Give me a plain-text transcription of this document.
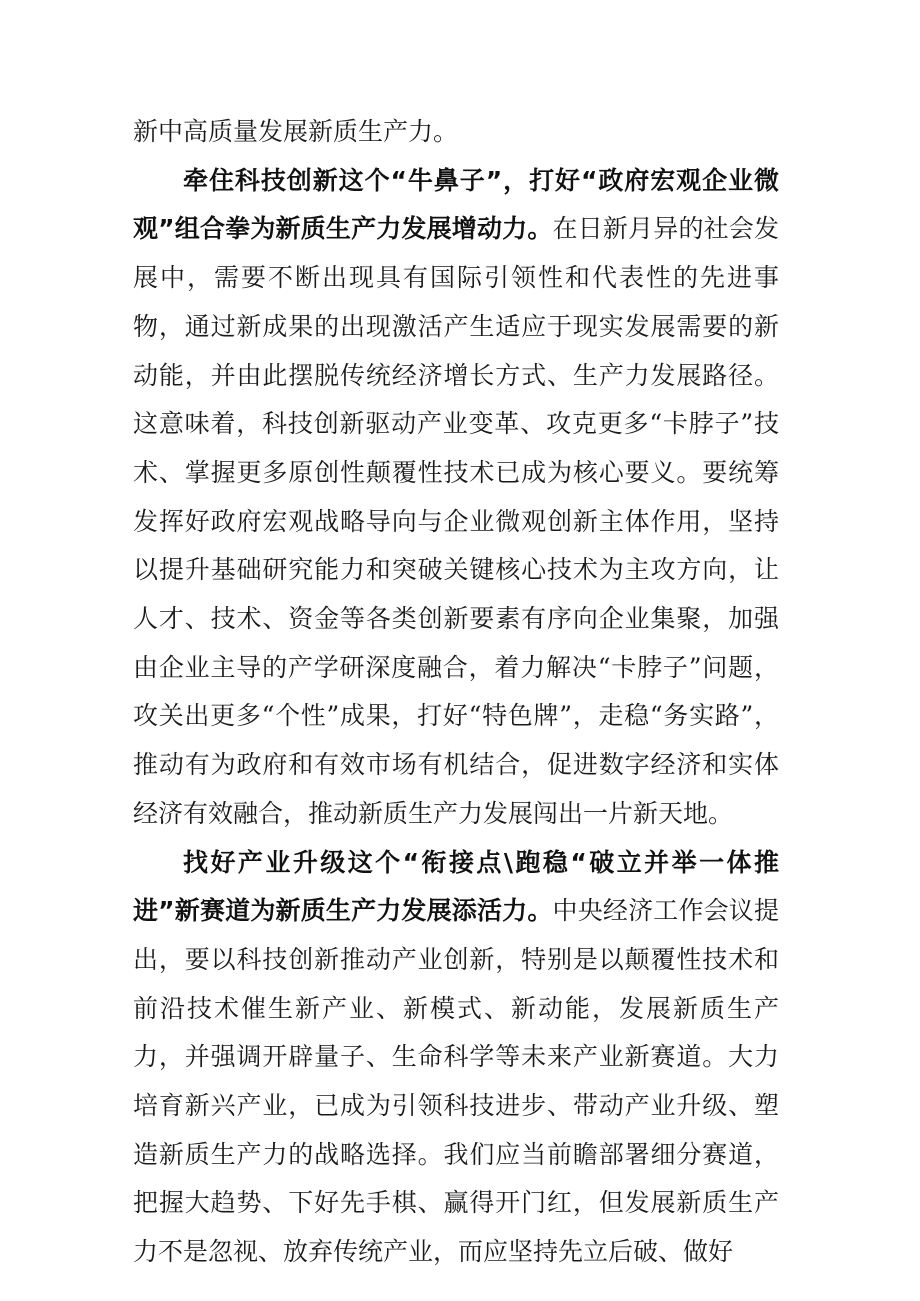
新中高质量发展新质生产力。

牵住科技创新这个“牛鼻子”，打好“政府宏观企业微观”组合拳为新质生产力发展增动力。在日新月异的社会发展中，需要不断出现具有国际引领性和代表性的先进事物，通过新成果的出现激活产生适应于现实发展需要的新动能，并由此摆脱传统经济增长方式、生产力发展路径。这意味着，科技创新驱动产业变革、攻克更多“卡脖子”技术、掌握更多原创性颠覆性技术已成为核心要义。要统筹发挥好政府宏观战略导向与企业微观创新主体作用，坚持以提升基础研究能力和突破关键核心技术为主攻方向，让人才、技术、资金等各类创新要素有序向企业集聚，加强由企业主导的产学研深度融合，着力解决“卡脖子”问题，攻关出更多“个性”成果，打好“特色牌”，走稳“务实路”，推动有为政府和有效市场有机结合，促进数字经济和实体经济有效融合，推动新质生产力发展闯出一片新天地。

找好产业升级这个“衔接点\跑稳“破立并举一体推进”新赛道为新质生产力发展添活力。中央经济工作会议提出，要以科技创新推动产业创新，特别是以颠覆性技术和前沿技术催生新产业、新模式、新动能，发展新质生产力，并强调开辟量子、生命科学等未来产业新赛道。大力培育新兴产业，已成为引领科技进步、带动产业升级、塑造新质生产力的战略选择。我们应当前瞻部署细分赛道，把握大趋势、下好先手棋、赢得开门红，但发展新质生产力不是忽视、放弃传统产业，而应坚持先立后破、做好
